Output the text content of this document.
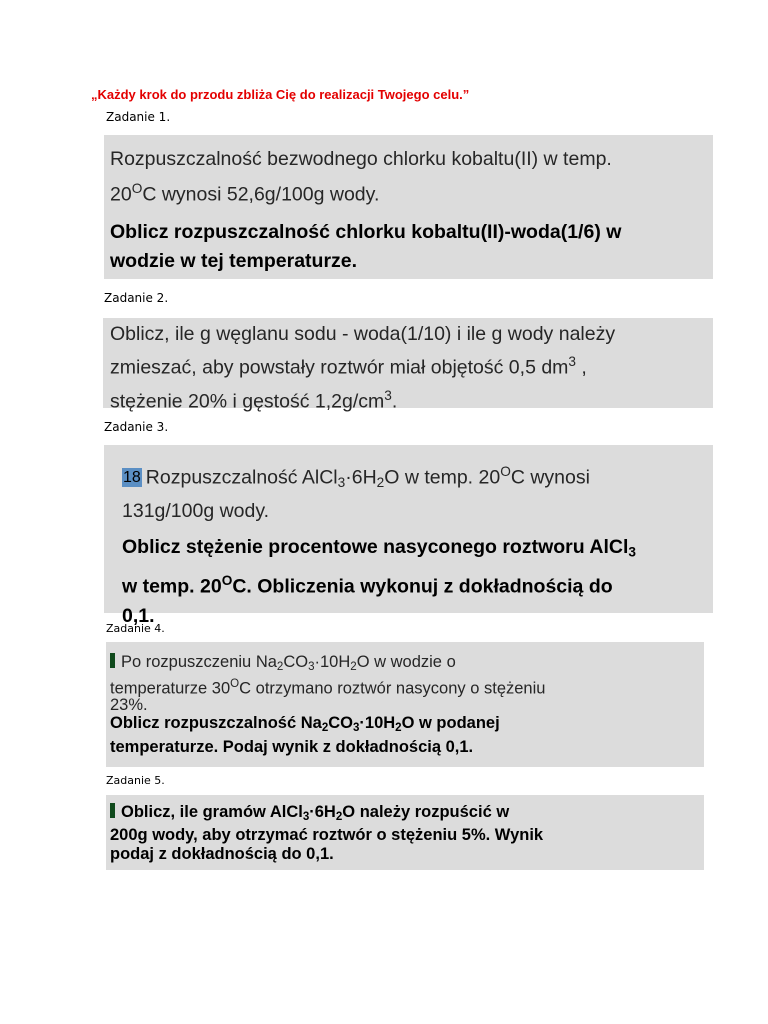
„Każdy krok do przodu zbliża Cię do realizacji Twojego celu.”
Zadanie 1.

Rozpuszczalność bezwodnego chlorku kobaltu(II) w temp.
$20^OC$ wynosi 52,6g/100g wody.

Oblicz rozpuszczalność chlorku kobaltu(II)-woda(1/6) w
wodzie w tej temperaturze.

Zadanie 2.

Oblicz, ile g węglanu sodu - woda(1/10) i ile g wody należy
zmieszać, aby powstały roztwór miał objętość 0,5 $dm^3$ ,
stężenie 20% i gęstość $1,2g/cm^3$.

Zadanie 3.

18 Rozpuszczalność $AlCl_3\cdot 6H_2O$ w temp. $20^OC$ wynosi
131g/100g wody.

Oblicz stężenie procentowe nasyconego roztworu AlCl$_3$
w temp. $20^OC$. Obliczenia wykonuj z dokładnością do
0,1.

Zadanie 4.

Po rozpuszczeniu $Na_2CO_3\cdot 10H_2O$ w wodzie o
temperaturze $30^OC$ otrzymano roztwór nasycony o stężeniu
23%.

Oblicz rozpuszczalność $Na_2CO_3\cdot 10H_2O$ w podanej
temperaturze. Podaj wynik z dokładnością 0,1.

Zadanie 5.

Oblicz, ile gramów $AlCl_3\cdot 6H_2O$ należy rozpuścić w
200g wody, aby otrzymać roztwór o stężeniu 5%. Wynik
podaj z dokładnością do 0,1.
